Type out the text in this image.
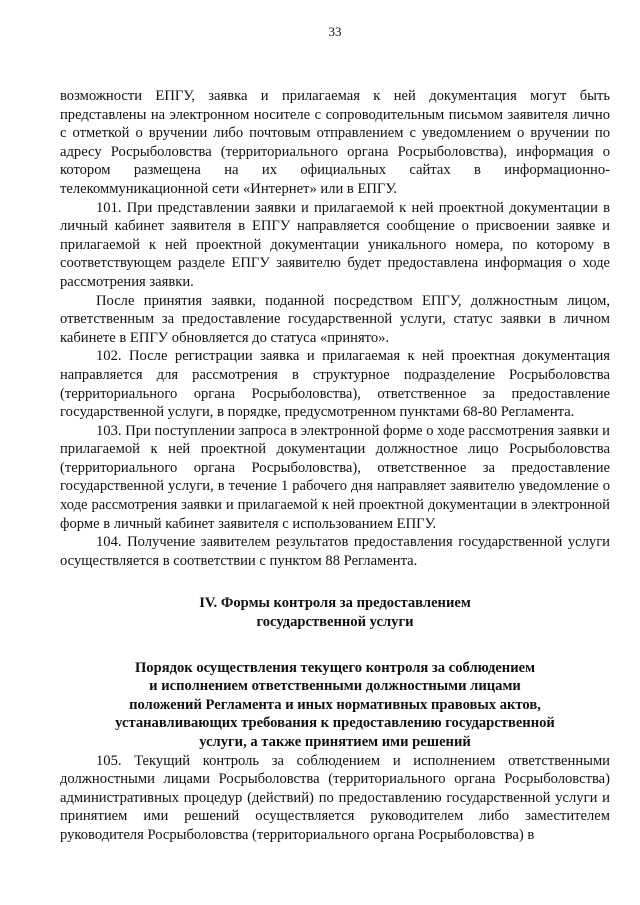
33

возможности ЕПГУ, заявка и прилагаемая к ней документация могут быть представлены на электронном носителе с сопроводительным письмом заявителя лично с отметкой о вручении либо почтовым отправлением с уведомлением о вручении по адресу Росрыболовства (территориального органа Росрыболовства), информация о котором размещена на их официальных сайтах в информационно-телекоммуникационной сети «Интернет» или в ЕПГУ.

101. При представлении заявки и прилагаемой к ней проектной документации в личный кабинет заявителя в ЕПГУ направляется сообщение о присвоении заявке и прилагаемой к ней проектной документации уникального номера, по которому в соответствующем разделе ЕПГУ заявителю будет предоставлена информация о ходе рассмотрения заявки.

После принятия заявки, поданной посредством ЕПГУ, должностным лицом, ответственным за предоставление государственной услуги, статус заявки в личном кабинете в ЕПГУ обновляется до статуса «принято».

102. После регистрации заявка и прилагаемая к ней проектная документация направляется для рассмотрения в структурное подразделение Росрыболовства (территориального органа Росрыболовства), ответственное за предоставление государственной услуги, в порядке, предусмотренном пунктами 68-80 Регламента.

103. При поступлении запроса в электронной форме о ходе рассмотрения заявки и прилагаемой к ней проектной документации должностное лицо Росрыболовства (территориального органа Росрыболовства), ответственное за предоставление государственной услуги, в течение 1 рабочего дня направляет заявителю уведомление о ходе рассмотрения заявки и прилагаемой к ней проектной документации в электронной форме в личный кабинет заявителя с использованием ЕПГУ.

104. Получение заявителем результатов предоставления государственной услуги осуществляется в соответствии с пунктом 88 Регламента.

IV. Формы контроля за предоставлением
государственной услуги
Порядок осуществления текущего контроля за соблюдением
и исполнением ответственными должностными лицами
положений Регламента и иных нормативных правовых актов,
устанавливающих требования к предоставлению государственной
услуги, а также принятием ими решений

105. Текущий контроль за соблюдением и исполнением ответственными должностными лицами Росрыболовства (территориального органа Росрыболовства) административных процедур (действий) по предоставлению государственной услуги и принятием ими решений осуществляется руководителем либо заместителем руководителя Росрыболовства (территориального органа Росрыболовства) в
